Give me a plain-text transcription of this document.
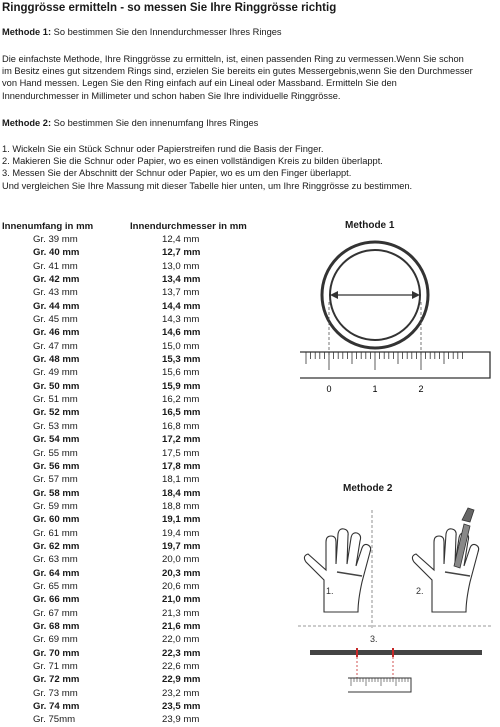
Ringgrösse ermitteln - so messen Sie Ihre Ringgrösse richtig

Methode 1: So bestimmen Sie den Innendurchmesser Ihres Ringes

Die einfachste Methode, Ihre Ringgrösse zu ermitteln, ist, einen passenden Ring zu vermessen.Wenn Sie schon
im Besitz eines gut sitzendem Rings sind, erzielen Sie bereits ein gutes Messergebnis,wenn Sie den Durchmesser
von Hand messen. Legen Sie den Ring einfach auf ein Lineal oder Massband. Ermitteln Sie den
Innendurchmesser in Millimeter und schon haben Sie Ihre individuelle Ringgrösse.

Methode 2: So bestimmen Sie den innenumfang Ihres Ringes

1. Wickeln Sie ein Stück Schnur oder Papierstreifen rund die Basis der Finger.
2. Makieren Sie die Schnur oder Papier, wo es einen vollständigen Kreis zu bilden überlappt.
3. Messen Sie der Abschnitt der Schnur oder Papier, wo es um den Finger überlappt.
Und vergleichen Sie Ihre Massung mit dieser Tabelle hier unten, um Ihre Ringgrösse zu bestimmen.
Innenumfang in mm	Innendurchmesser in mm
Gr. 39 mm	12,4 mm
Gr. 40 mm	12,7 mm
Gr. 41 mm	13,0 mm
Gr. 42 mm	13,4 mm
Gr. 43 mm	13,7 mm
Gr. 44 mm	14,4 mm
Gr. 45 mm	14,3 mm
Gr. 46 mm	14,6 mm
Gr. 47 mm	15,0 mm
Gr. 48 mm	15,3 mm
Gr. 49 mm	15,6 mm
Gr. 50 mm	15,9 mm
Gr. 51 mm	16,2 mm
Gr. 52 mm	16,5 mm
Gr. 53 mm	16,8 mm
Gr. 54 mm	17,2 mm
Gr. 55 mm	17,5 mm
Gr. 56 mm	17,8 mm
Gr. 57 mm	18,1 mm
Gr. 58 mm	18,4 mm
Gr. 59 mm	18,8 mm
Gr. 60 mm	19,1 mm
Gr. 61 mm	19,4 mm
Gr. 62 mm	19,7 mm
Gr. 63 mm	20,0 mm
Gr. 64 mm	20,3 mm
Gr. 65 mm	20,6 mm
Gr. 66 mm	21,0 mm
Gr. 67 mm	21,3 mm
Gr. 68 mm	21,6 mm
Gr. 69 mm	22,0 mm
Gr. 70 mm	22,3 mm
Gr. 71 mm	22,6 mm
Gr. 72 mm	22,9 mm
Gr. 73 mm	23,2 mm
Gr. 74 mm	23,5 mm
Gr. 75mm	23,9 mm
Methode 1
0	1	2
Methode 2
1.	2.
3.
